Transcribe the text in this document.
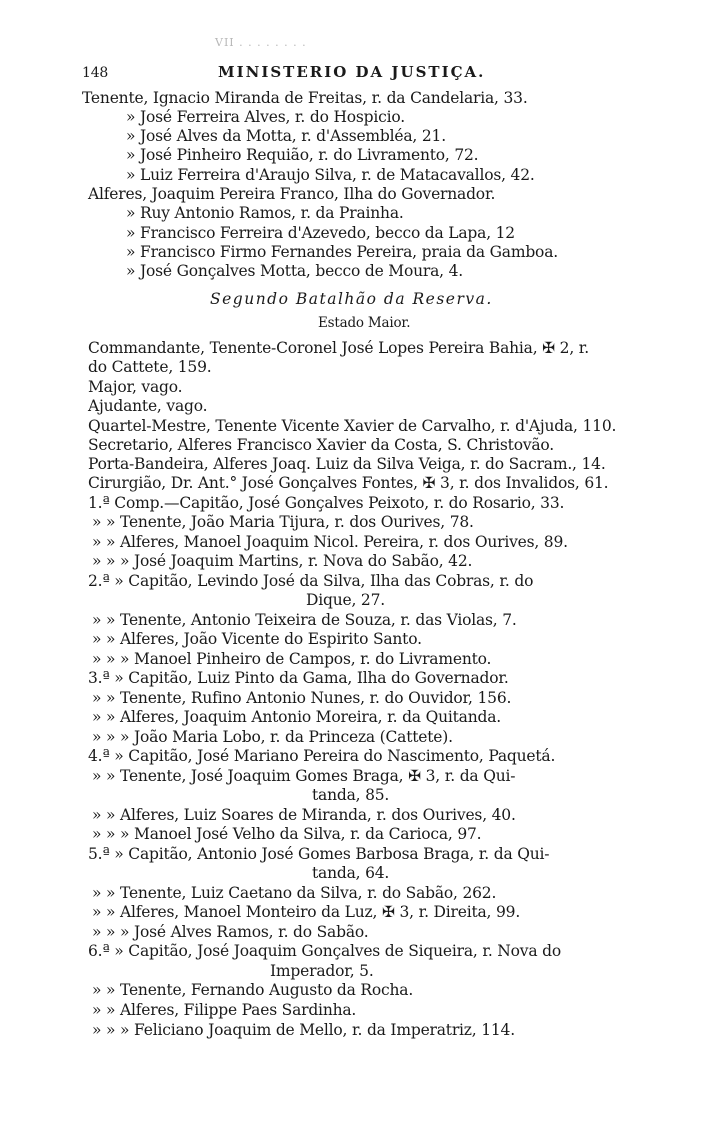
VII . . . . . . . .
148	MINISTERIO DA JUSTIÇA.
Tenente, Ignacio Miranda de Freitas, r. da Candelaria, 33.
» José Ferreira Alves, r. do Hospicio.
» José Alves da Motta, r. d'Assembléa, 21.
» José Pinheiro Requião, r. do Livramento, 72.
» Luiz Ferreira d'Araujo Silva, r. de Matacavallos, 42.
Alferes, Joaquim Pereira Franco, Ilha do Governador.
» Ruy Antonio Ramos, r. da Prainha.
» Francisco Ferreira d'Azevedo, becco da Lapa, 12
» Francisco Firmo Fernandes Pereira, praia da Gamboa.
» José Gonçalves Motta, becco de Moura, 4.
Segundo Batalhão da Reserva.
Estado Maior.
Commandante, Tenente-Coronel José Lopes Pereira Bahia, ✠ 2, r.
do Cattete, 159.
Major, vago.
Ajudante, vago.
Quartel-Mestre, Tenente Vicente Xavier de Carvalho, r. d'Ajuda, 110.
Secretario, Alferes Francisco Xavier da Costa, S. Christovão.
Porta-Bandeira, Alferes Joaq. Luiz da Silva Veiga, r. do Sacram., 14.
Cirurgião, Dr. Ant.° José Gonçalves Fontes, ✠ 3, r. dos Invalidos, 61.
1.ª Comp.—Capitão, José Gonçalves Peixoto, r. do Rosario, 33.
» » Tenente, João Maria Tijura, r. dos Ourives, 78.
» » Alferes, Manoel Joaquim Nicol. Pereira, r. dos Ourives, 89.
» » » José Joaquim Martins, r. Nova do Sabão, 42.
2.ª » Capitão, Levindo José da Silva, Ilha das Cobras, r. do
Dique, 27.
» » Tenente, Antonio Teixeira de Souza, r. das Violas, 7.
» » Alferes, João Vicente do Espirito Santo.
» » » Manoel Pinheiro de Campos, r. do Livramento.
3.ª » Capitão, Luiz Pinto da Gama, Ilha do Governador.
» » Tenente, Rufino Antonio Nunes, r. do Ouvidor, 156.
» » Alferes, Joaquim Antonio Moreira, r. da Quitanda.
» » » João Maria Lobo, r. da Princeza (Cattete).
4.ª » Capitão, José Mariano Pereira do Nascimento, Paquetá.
» » Tenente, José Joaquim Gomes Braga, ✠ 3, r. da Qui-
tanda, 85.
» » Alferes, Luiz Soares de Miranda, r. dos Ourives, 40.
» » » Manoel José Velho da Silva, r. da Carioca, 97.
5.ª » Capitão, Antonio José Gomes Barbosa Braga, r. da Qui-
tanda, 64.
» » Tenente, Luiz Caetano da Silva, r. do Sabão, 262.
» » Alferes, Manoel Monteiro da Luz, ✠ 3, r. Direita, 99.
» » » José Alves Ramos, r. do Sabão.
6.ª » Capitão, José Joaquim Gonçalves de Siqueira, r. Nova do
Imperador, 5.
» » Tenente, Fernando Augusto da Rocha.
» » Alferes, Filippe Paes Sardinha.
» » » Feliciano Joaquim de Mello, r. da Imperatriz, 114.
